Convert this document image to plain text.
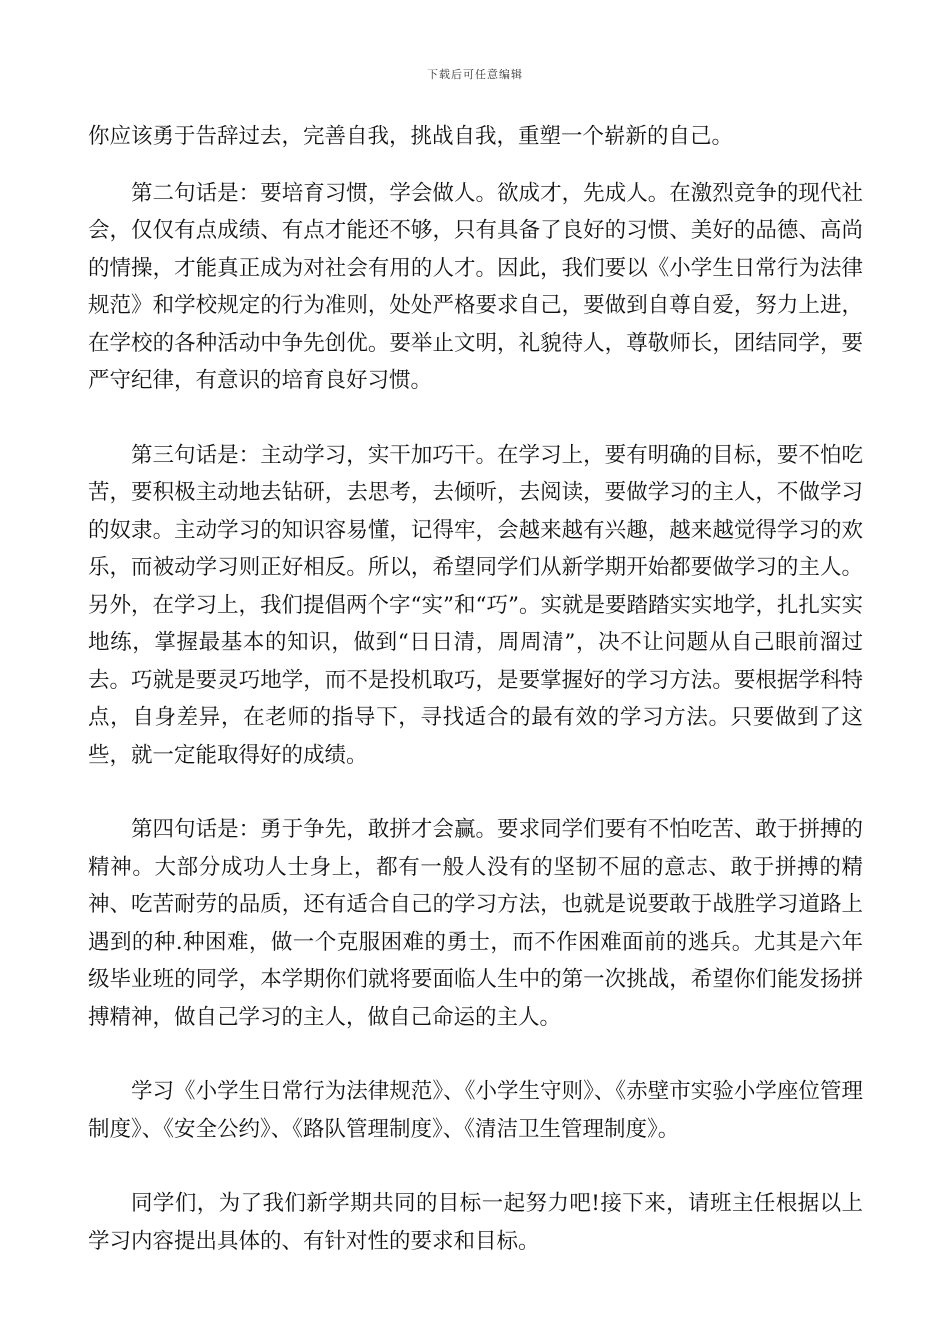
下载后可任意编辑

你应该勇于告辞过去，完善自我，挑战自我，重塑一个崭新的自己。

第二句话是：要培育习惯，学会做人。欲成才，先成人。在激烈竞争的现代社会，仅仅有点成绩、有点才能还不够，只有具备了良好的习惯、美好的品德、高尚的情操，才能真正成为对社会有用的人才。因此，我们要以《小学生日常行为法律规范》和学校规定的行为准则，处处严格要求自己，要做到自尊自爱，努力上进，在学校的各种活动中争先创优。要举止文明，礼貌待人，尊敬师长，团结同学，要严守纪律，有意识的培育良好习惯。

第三句话是：主动学习，实干加巧干。在学习上，要有明确的目标，要不怕吃苦，要积极主动地去钻研，去思考，去倾听，去阅读，要做学习的主人，不做学习的奴隶。主动学习的知识容易懂，记得牢，会越来越有兴趣，越来越觉得学习的欢乐，而被动学习则正好相反。所以，希望同学们从新学期开始都要做学习的主人。另外，在学习上，我们提倡两个字“实”和“巧”。实就是要踏踏实实地学，扎扎实实地练，掌握最基本的知识，做到“日日清，周周清”，决不让问题从自己眼前溜过去。巧就是要灵巧地学，而不是投机取巧，是要掌握好的学习方法。要根据学科特点，自身差异，在老师的指导下，寻找适合的最有效的学习方法。只要做到了这些，就一定能取得好的成绩。

第四句话是：勇于争先，敢拼才会赢。要求同学们要有不怕吃苦、敢于拼搏的精神。大部分成功人士身上，都有一般人没有的坚韧不屈的意志、敢于拼搏的精神、吃苦耐劳的品质，还有适合自己的学习方法，也就是说要敢于战胜学习道路上遇到的种.种困难，做一个克服困难的勇士，而不作困难面前的逃兵。尤其是六年级毕业班的同学，本学期你们就将要面临人生中的第一次挑战，希望你们能发扬拼搏精神，做自己学习的主人，做自己命运的主人。

学习《小学生日常行为法律规范》、《小学生守则》、《赤壁市实验小学座位管理制度》、《安全公约》、《路队管理制度》、《清洁卫生管理制度》。

同学们，为了我们新学期共同的目标一起努力吧!接下来，请班主任根据以上学习内容提出具体的、有针对性的要求和目标。
